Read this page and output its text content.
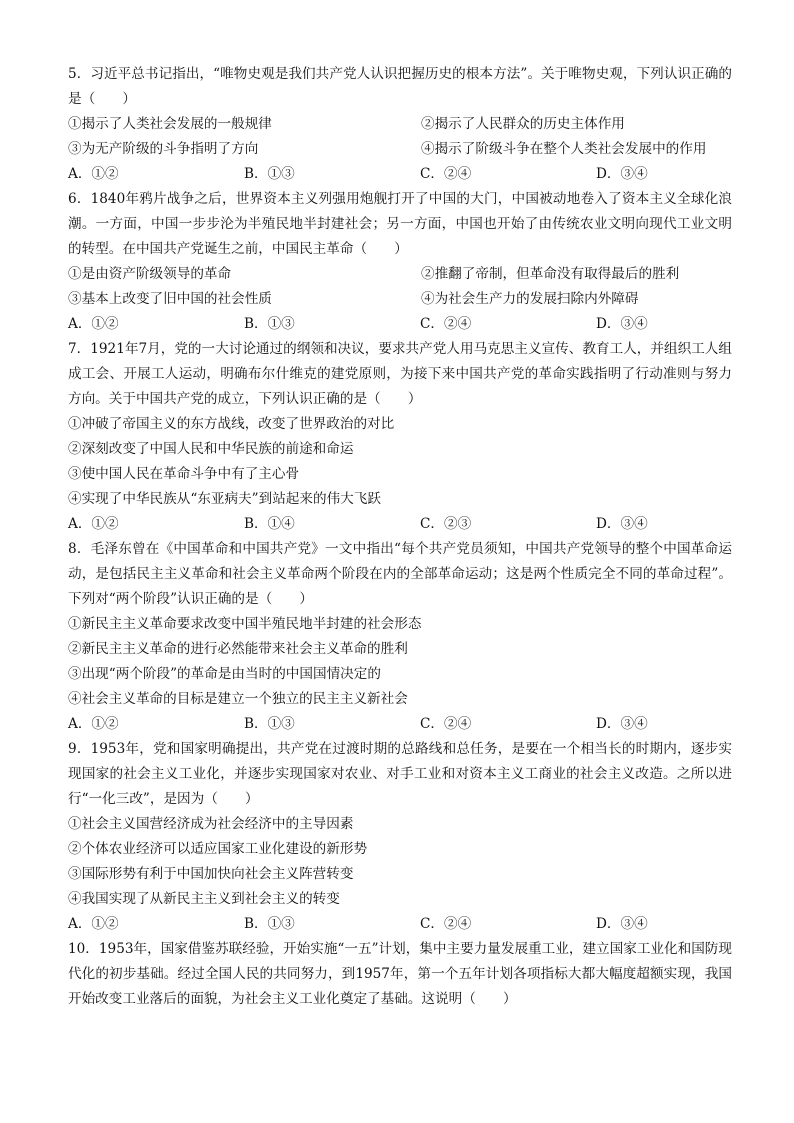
5．习近平总书记指出，“唯物史观是我们共产党人认识把握历史的根本方法”。关于唯物史观，下列认识正确的是（　　）

①揭示了人类社会发展的一般规律	②揭示了人民群众的历史主体作用
③为无产阶级的斗争指明了方向	④揭示了阶级斗争在整个人类社会发展中的作用
A．①②	B．①③	C．②④	D．③④

6．1840年鸦片战争之后，世界资本主义列强用炮舰打开了中国的大门，中国被动地卷入了资本主义全球化浪潮。一方面，中国一步步沦为半殖民地半封建社会；另一方面，中国也开始了由传统农业文明向现代工业文明的转型。在中国共产党诞生之前，中国民主革命（　　）

①是由资产阶级领导的革命	②推翻了帝制，但革命没有取得最后的胜利
③基本上改变了旧中国的社会性质	④为社会生产力的发展扫除内外障碍
A．①②	B．①③	C．②④	D．③④

7．1921年7月，党的一大讨论通过的纲领和决议，要求共产党人用马克思主义宣传、教育工人，并组织工人组成工会、开展工人运动，明确布尔什维克的建党原则，为接下来中国共产党的革命实践指明了行动准则与努力方向。关于中国共产党的成立，下列认识正确的是（　　）

①冲破了帝国主义的东方战线，改变了世界政治的对比

②深刻改变了中国人民和中华民族的前途和命运

③使中国人民在革命斗争中有了主心骨

④实现了中华民族从“东亚病夫”到站起来的伟大飞跃

A．①②	B．①④	C．②③	D．③④

8．毛泽东曾在《中国革命和中国共产党》一文中指出“每个共产党员须知，中国共产党领导的整个中国革命运动，是包括民主主义革命和社会主义革命两个阶段在内的全部革命运动；这是两个性质完全不同的革命过程”。下列对“两个阶段”认识正确的是（　　）

①新民主主义革命要求改变中国半殖民地半封建的社会形态

②新民主主义革命的进行必然能带来社会主义革命的胜利

③出现“两个阶段”的革命是由当时的中国国情决定的

④社会主义革命的目标是建立一个独立的民主主义新社会

A．①②	B．①③	C．②④	D．③④

9．1953年，党和国家明确提出，共产党在过渡时期的总路线和总任务，是要在一个相当长的时期内，逐步实现国家的社会主义工业化，并逐步实现国家对农业、对手工业和对资本主义工商业的社会主义改造。之所以进行“一化三改”，是因为（　　）

①社会主义国营经济成为社会经济中的主导因素

②个体农业经济可以适应国家工业化建设的新形势

③国际形势有利于中国加快向社会主义阵营转变

④我国实现了从新民主主义到社会主义的转变

A．①②	B．①③	C．②④	D．③④

10．1953年，国家借鉴苏联经验，开始实施“一五”计划，集中主要力量发展重工业，建立国家工业化和国防现代化的初步基础。经过全国人民的共同努力，到1957年，第一个五年计划各项指标大都大幅度超额实现，我国开始改变工业落后的面貌，为社会主义工业化奠定了基础。这说明（　　）
